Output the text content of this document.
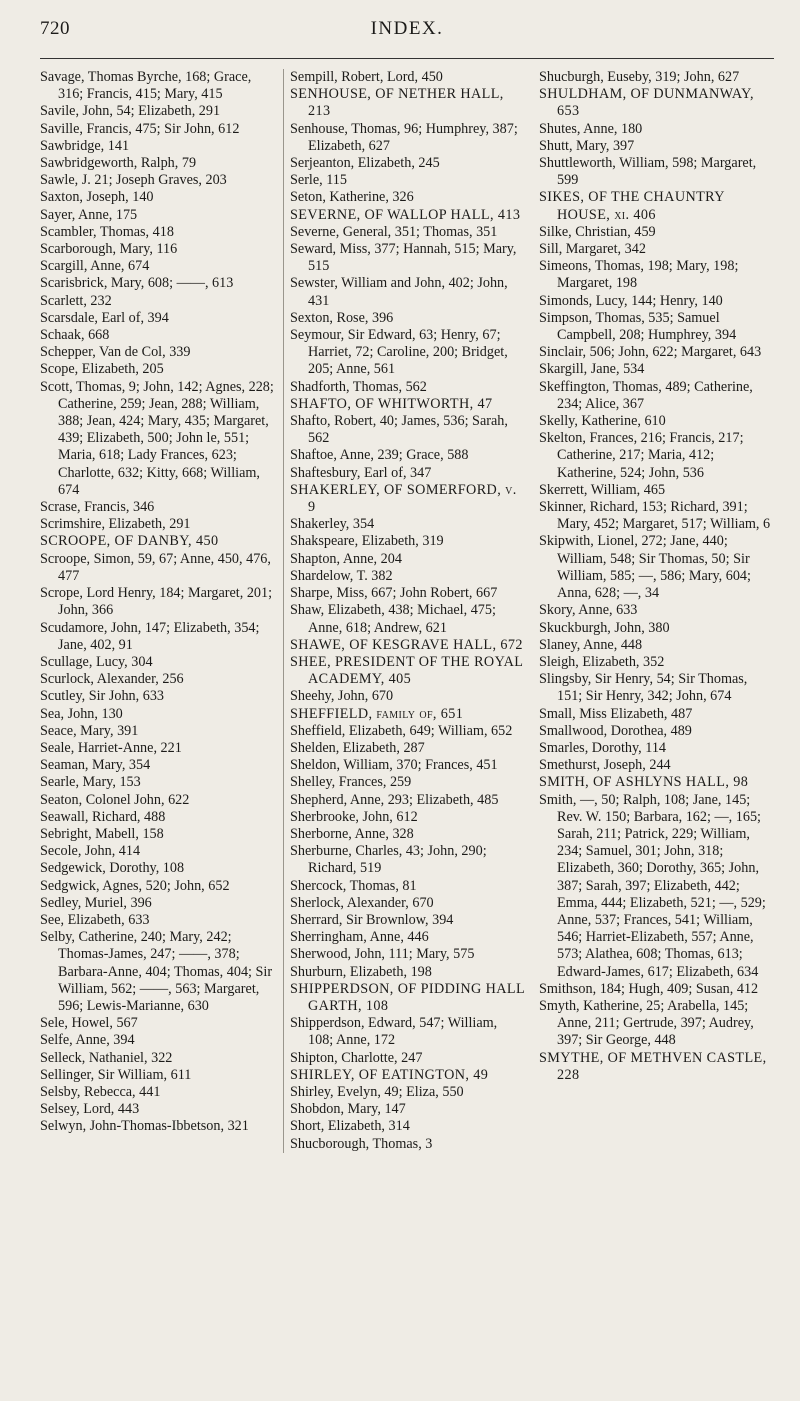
720	INDEX.

Savage, Thomas Byrche, 168; Grace, 316; Francis, 415; Mary, 415

Savile, John, 54; Elizabeth, 291

Saville, Francis, 475; Sir John, 612

Sawbridge, 141

Sawbridgeworth, Ralph, 79

Sawle, J. 21; Joseph Graves, 203

Saxton, Joseph, 140

Sayer, Anne, 175

Scambler, Thomas, 418

Scarborough, Mary, 116

Scargill, Anne, 674

Scarisbrick, Mary, 608; ——, 613

Scarlett, 232

Scarsdale, Earl of, 394

Schaak, 668

Schepper, Van de Col, 339

Scope, Elizabeth, 205

Scott, Thomas, 9; John, 142; Agnes, 228; Catherine, 259; Jean, 288; William, 388; Jean, 424; Mary, 435; Margaret, 439; Elizabeth, 500; John le, 551; Maria, 618; Lady Frances, 623; Charlotte, 632; Kitty, 668; William, 674

Scrase, Francis, 346

Scrimshire, Elizabeth, 291

SCROOPE, OF DANBY, 450

Scroope, Simon, 59, 67; Anne, 450, 476, 477

Scrope, Lord Henry, 184; Margaret, 201; John, 366

Scudamore, John, 147; Elizabeth, 354; Jane, 402, 91

Scullage, Lucy, 304

Scurlock, Alexander, 256

Scutley, Sir John, 633

Sea, John, 130

Seace, Mary, 391

Seale, Harriet-Anne, 221

Seaman, Mary, 354

Searle, Mary, 153

Seaton, Colonel John, 622

Seawall, Richard, 488

Sebright, Mabell, 158

Secole, John, 414

Sedgewick, Dorothy, 108

Sedgwick, Agnes, 520; John, 652

Sedley, Muriel, 396

See, Elizabeth, 633

Selby, Catherine, 240; Mary, 242; Thomas-James, 247; ——, 378; Barbara-Anne, 404; Thomas, 404; Sir William, 562; ——, 563; Margaret, 596; Lewis-Marianne, 630

Sele, Howel, 567

Selfe, Anne, 394

Selleck, Nathaniel, 322

Sellinger, Sir William, 611

Selsby, Rebecca, 441

Selsey, Lord, 443

Selwyn, John-Thomas-Ibbetson, 321

Sempill, Robert, Lord, 450

SENHOUSE, OF NETHER HALL, 213

Senhouse, Thomas, 96; Humphrey, 387; Elizabeth, 627

Serjeanton, Elizabeth, 245

Serle, 115

Seton, Katherine, 326

SEVERNE, OF WALLOP HALL, 413

Severne, General, 351; Thomas, 351

Seward, Miss, 377; Hannah, 515; Mary, 515

Sewster, William and John, 402; John, 431

Sexton, Rose, 396

Seymour, Sir Edward, 63; Henry, 67; Harriet, 72; Caroline, 200; Bridget, 205; Anne, 561

Shadforth, Thomas, 562

SHAFTO, OF WHITWORTH, 47

Shafto, Robert, 40; James, 536; Sarah, 562

Shaftoe, Anne, 239; Grace, 588

Shaftesbury, Earl of, 347

SHAKERLEY, OF SOMERFORD, v. 9

Shakerley, 354

Shakspeare, Elizabeth, 319

Shapton, Anne, 204

Shardelow, T. 382

Sharpe, Miss, 667; John Robert, 667

Shaw, Elizabeth, 438; Michael, 475; Anne, 618; Andrew, 621

SHAWE, OF KESGRAVE HALL, 672

SHEE, PRESIDENT OF THE ROYAL ACADEMY, 405

Sheehy, John, 670

SHEFFIELD, family of, 651

Sheffield, Elizabeth, 649; William, 652

Shelden, Elizabeth, 287

Sheldon, William, 370; Frances, 451

Shelley, Frances, 259

Shepherd, Anne, 293; Elizabeth, 485

Sherbrooke, John, 612

Sherborne, Anne, 328

Sherburne, Charles, 43; John, 290; Richard, 519

Shercock, Thomas, 81

Sherlock, Alexander, 670

Sherrard, Sir Brownlow, 394

Sherringham, Anne, 446

Sherwood, John, 111; Mary, 575

Shurburn, Elizabeth, 198

SHIPPERDSON, OF PIDDING HALL GARTH, 108

Shipperdson, Edward, 547; William, 108; Anne, 172

Shipton, Charlotte, 247

SHIRLEY, OF EATINGTON, 49

Shirley, Evelyn, 49; Eliza, 550

Shobdon, Mary, 147

Short, Elizabeth, 314

Shucborough, Thomas, 3

Shucburgh, Euseby, 319; John, 627

SHULDHAM, OF DUNMANWAY, 653

Shutes, Anne, 180

Shutt, Mary, 397

Shuttleworth, William, 598; Margaret, 599

SIKES, OF THE CHAUNTRY HOUSE, xi. 406

Silke, Christian, 459

Sill, Margaret, 342

Simeons, Thomas, 198; Mary, 198; Margaret, 198

Simonds, Lucy, 144; Henry, 140

Simpson, Thomas, 535; Samuel Campbell, 208; Humphrey, 394

Sinclair, 506; John, 622; Margaret, 643

Skargill, Jane, 534

Skeffington, Thomas, 489; Catherine, 234; Alice, 367

Skelly, Katherine, 610

Skelton, Frances, 216; Francis, 217; Catherine, 217; Maria, 412; Katherine, 524; John, 536

Skerrett, William, 465

Skinner, Richard, 153; Richard, 391; Mary, 452; Margaret, 517; William, 6

Skipwith, Lionel, 272; Jane, 440; William, 548; Sir Thomas, 50; Sir William, 585; —, 586; Mary, 604; Anna, 628; —, 34

Skory, Anne, 633

Skuckburgh, John, 380

Slaney, Anne, 448

Sleigh, Elizabeth, 352

Slingsby, Sir Henry, 54; Sir Thomas, 151; Sir Henry, 342; John, 674

Small, Miss Elizabeth, 487

Smallwood, Dorothea, 489

Smarles, Dorothy, 114

Smethurst, Joseph, 244

SMITH, OF ASHLYNS HALL, 98

Smith, —, 50; Ralph, 108; Jane, 145; Rev. W. 150; Barbara, 162; —, 165; Sarah, 211; Patrick, 229; William, 234; Samuel, 301; John, 318; Elizabeth, 360; Dorothy, 365; John, 387; Sarah, 397; Elizabeth, 442; Emma, 444; Elizabeth, 521; —, 529; Anne, 537; Frances, 541; William, 546; Harriet-Elizabeth, 557; Anne, 573; Alathea, 608; Thomas, 613; Edward-James, 617; Elizabeth, 634

Smithson, 184; Hugh, 409; Susan, 412

Smyth, Katherine, 25; Arabella, 145; Anne, 211; Gertrude, 397; Audrey, 397; Sir George, 448

SMYTHE, OF METHVEN CASTLE, 228
